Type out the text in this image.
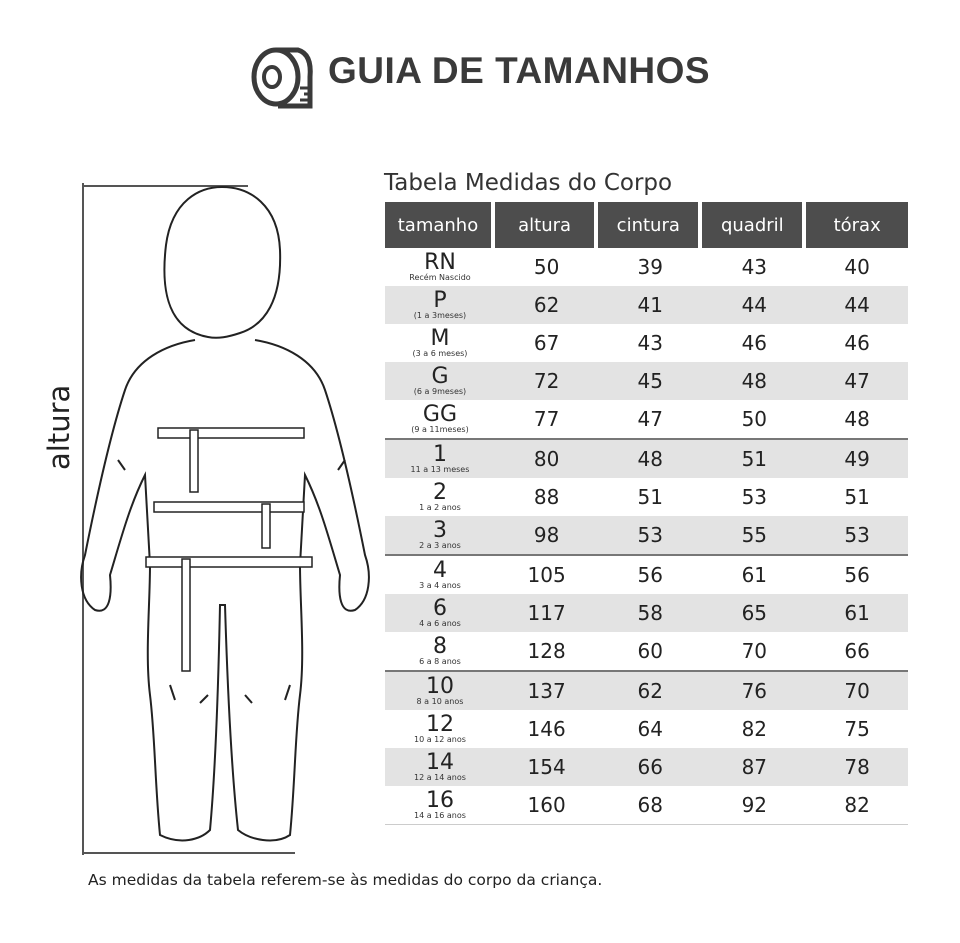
GUIA DE TAMANHOS
altura
Tabela Medidas do Corpo
tamanho	altura	cintura	quadril	tórax

RN
Recém Nascido	50	39	43	40

P
(1 a 3meses)	62	41	44	44

M
(3 a 6 meses)	67	43	46	46

G
(6 a 9meses)	72	45	48	47

GG
(9 a 11meses)	77	47	50	48

1
11 a 13 meses	80	48	51	49

2
1 a 2 anos	88	51	53	51

3
2 a 3 anos	98	53	55	53

4
3 a 4 anos	105	56	61	56

6
4 a 6 anos	117	58	65	61

8
6 a 8 anos	128	60	70	66

10
8 a 10 anos	137	62	76	70

12
10 a 12 anos	146	64	82	75

14
12 a 14 anos	154	66	87	78

16
14 a 16 anos	160	68	92	82
As medidas da tabela referem-se às medidas do corpo da criança.
